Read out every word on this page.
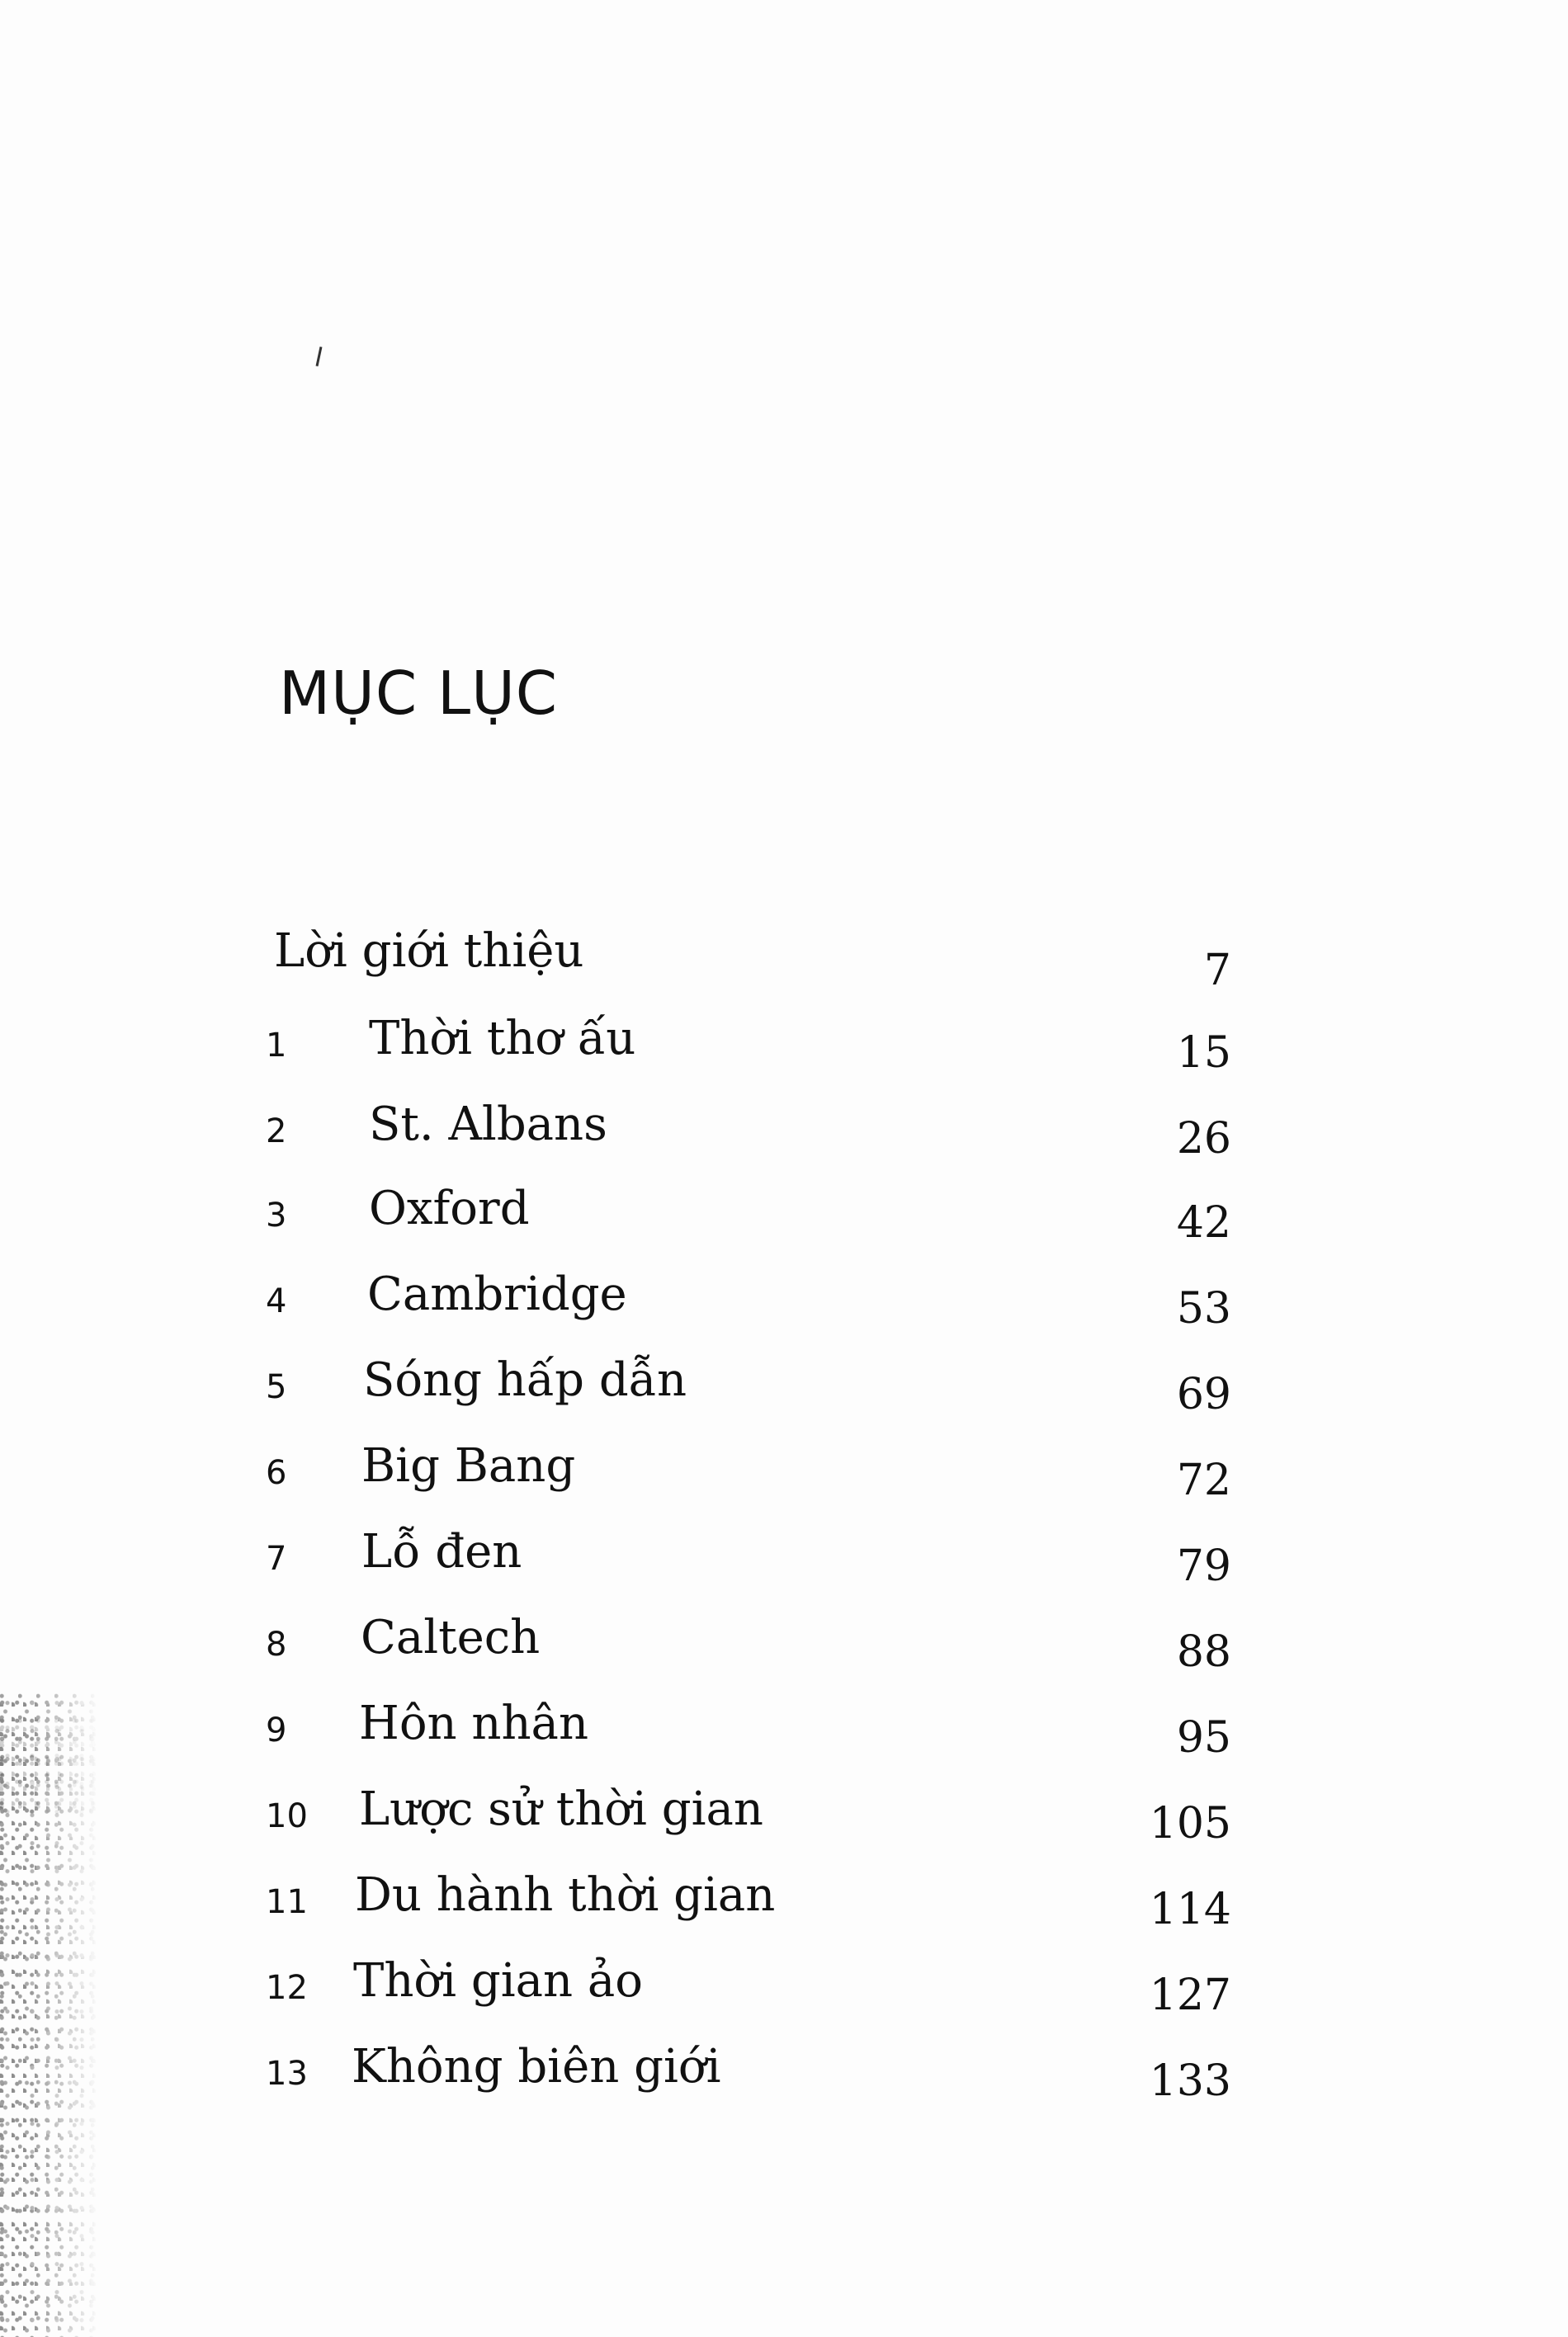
MỤC LỤC
Lời giới thiệu	7
1	Thời thơ ấu	15
2	St. Albans	26
3	Oxford	42
4	Cambridge	53
5	Sóng hấp dẫn	69
6	Big Bang	72
7	Lỗ đen	79
8	Caltech	88
9	Hôn nhân	95
10	Lược sử thời gian	105
11	Du hành thời gian	114
12 Thời gian ảo	127
13 Không biên giới	133
